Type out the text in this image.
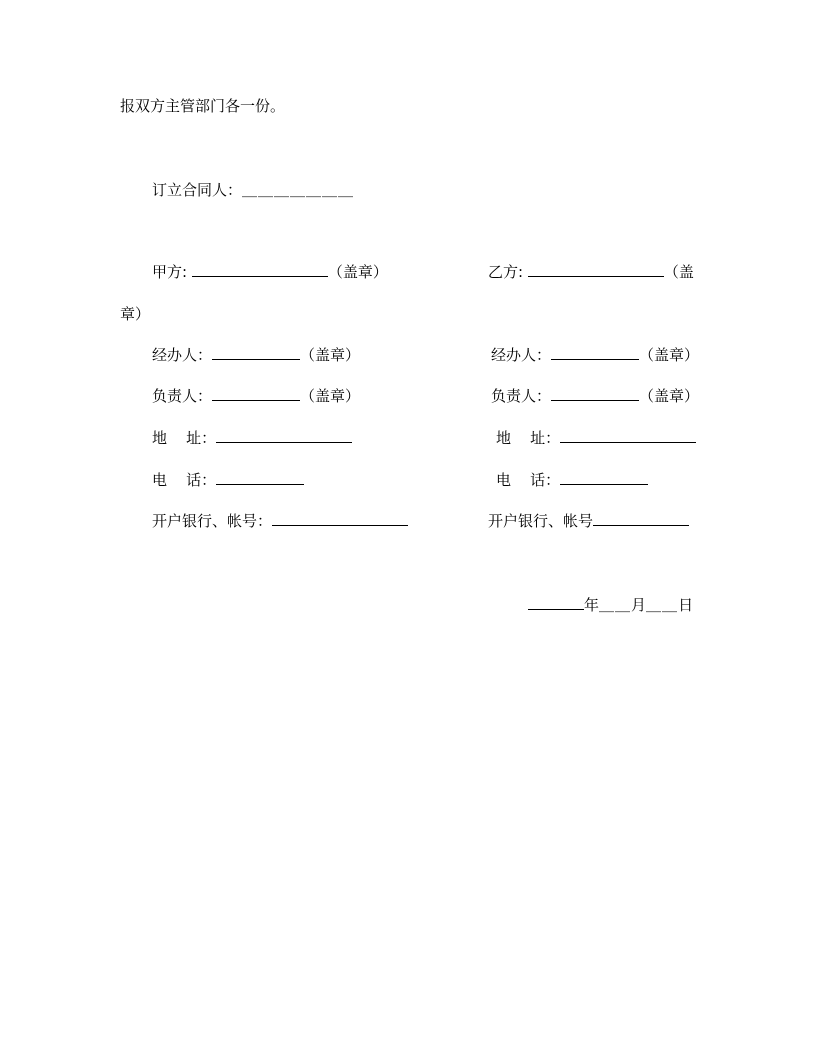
报双方主管部门各一份。
订立合同人：＿＿＿＿＿＿＿
甲方:	（盖章）	乙方:	（盖
章）
经办人：	（盖章）	经办人：	（盖章）
负责人：	（盖章）	负责人：	（盖章）
地    址：	地    址：
电    话：	电    话：
开户银行、帐号：	开户银行、帐号
年＿＿月＿＿日
